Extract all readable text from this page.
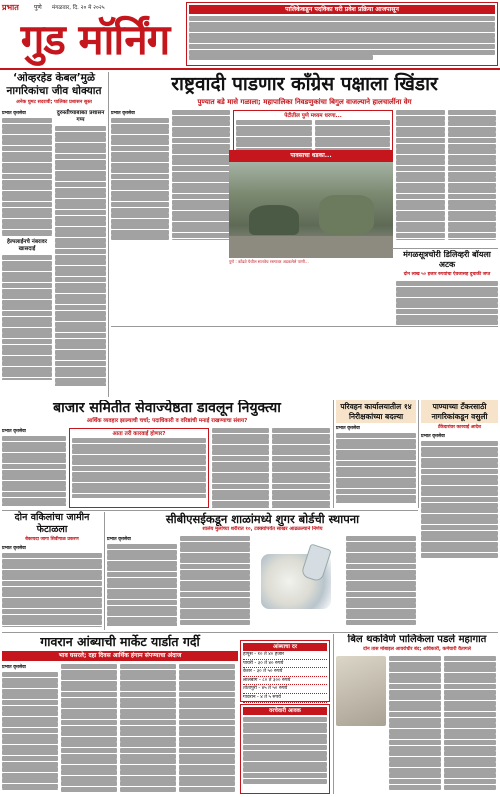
प्रभात	पुणे मंगळवार, दि. २० मे २०२५
गुड मॉर्निंग
पालिकेकडून पदविका घरी प्रवेश प्रक्रिया आजपासून
‘ओव्हरहेड केबल’मुळे नागरिकांचा जीव धोक्यात
अनेक घुमट सदरावी; पालिका प्रशासन सुस्त
प्रभात वृत्तसेवा
हेल्पलाईनचे नंबरावर खासदाई
दुरुस्तीच्याबाबत प्रशासन गप्प
राष्ट्रवादी पाडणार काँग्रेस पक्षाला खिंडार
पुण्यात बडे मासे गळाला; महापालिका निवडणुकांचा बिगुल वाजल्याने हालचालींना वेग
प्रभात वृत्तसेवा	पेटीतील पुणे मध्यम धरणा...
पावसाचा धडका...
पुणे : कोंढवे येथील सातवेच रस्त्यावर अडकलेले पाणी...
मंगळसूत्रचोरी डिलिव्हरी बॉयला अटक
दोन लाख ५० हजार रुपयांचा ऐवजासह दुचाकी जप्त
बाजार समितीत सेवाज्येष्ठता डावलून नियुक्त्या
आर्थिक व्यवहार झाल्याची चर्चा; पदाधिकारी व वरिष्ठांची मनाई राखण्याचा संशय?
प्रभात वृत्तसेवा	आता तरी कारवाई होणार?
परिवहन कार्यालयातील १४ निरीक्षकांच्या बदल्या
प्रभात वृत्तसेवा
पाण्याच्या टँकरसाठी नागरिकांकडून वसुली
टँकेदारांवर कारवाई आदेश
प्रभात वृत्तसेवा
दोन वकिलांचा जामीन फेटाळला
बेकायदा जागा शिवीगाळ प्रकरण
प्रभात वृत्तसेवा
सीबीएसईकडून शाळांमध्ये शुगर बोर्डची स्थापना
शालेय मुलांच्या शरीरात १०, टक्क्यांपर्यंत साखर आढळल्याने निर्णय
प्रभात वृत्तसेवा
गावरान आंब्याची मार्केट यार्डात गर्दी
भाव घसरले; दहा दिवस आर्थिक हंगाम संपण्याचा अंदाज
प्रभात वृत्तसेवा
आंब्याचा दर
हापूस - १० ते ४० हजार
पायरी - ३० ते ४० रुपये
केशर - ३० ते ५० रुपये
लालबाग - ८० ते ३०० रुपये
तोतापुरी - ४५ ते ५० रुपये
गावरान - ४ ते ५ रुपये
वरचेवारी आवक
बिल थकविणे पालिकेला पडले महागात
दोन तास मोबाइल आवरोधीर बंद; अधिकारी, कर्मचारी वैतागले
